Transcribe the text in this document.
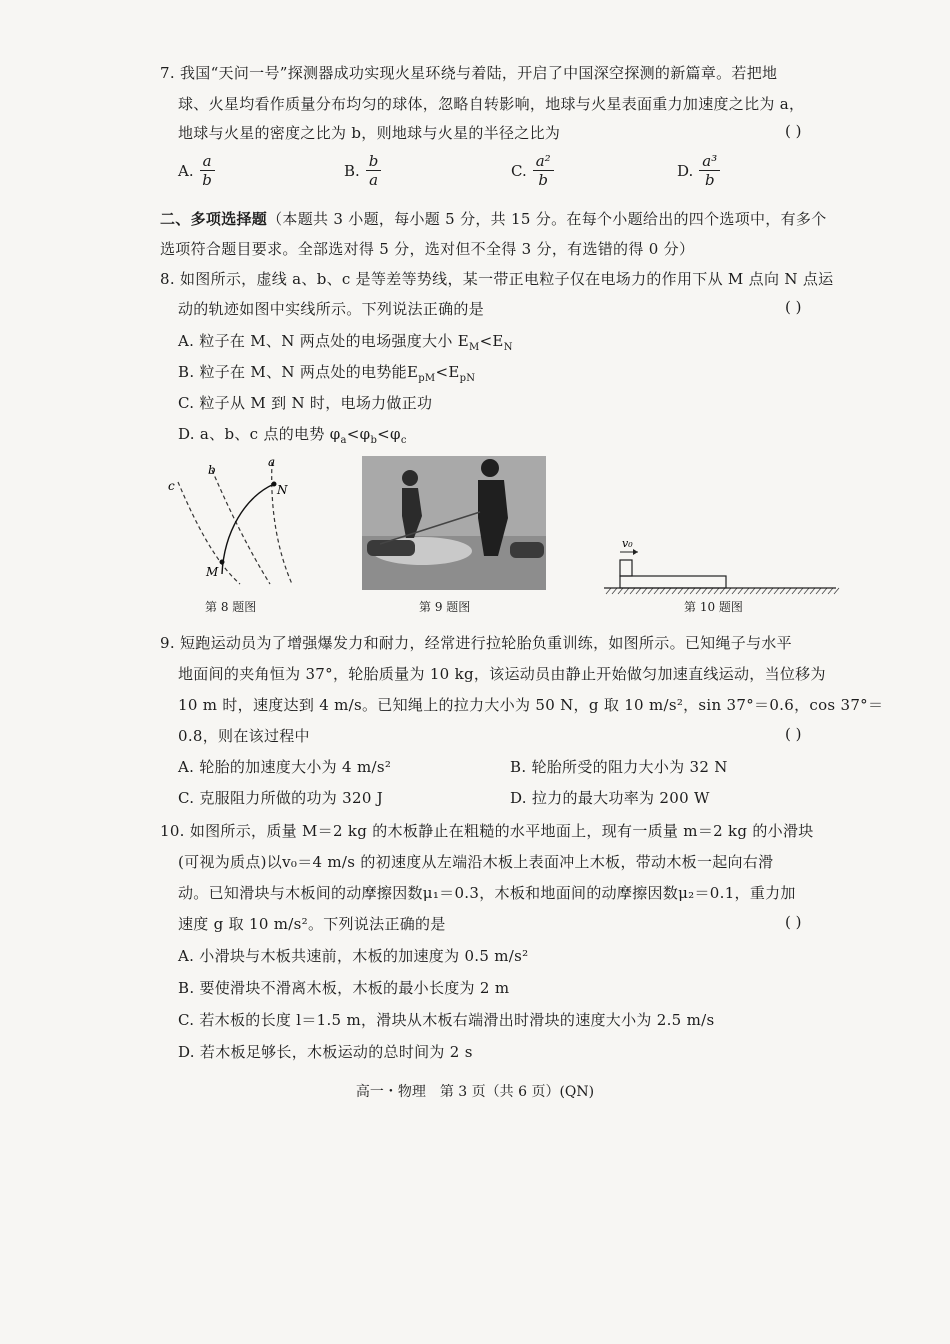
7. 我国“天问一号”探测器成功实现火星环绕与着陆，开启了中国深空探测的新篇章。若把地
球、火星均看作质量分布均匀的球体，忽略自转影响，地球与火星表面重力加速度之比为 a，
地球与火星的密度之比为 b，则地球与火星的半径之比为	( )
A. $\frac{a}{b}$	B. $\frac{b}{a}$	C. $\frac{\text{a²}}{b}$	D. $\frac{\text{a³}}{b}$
二、多项选择题（本题共 3 小题，每小题 5 分，共 15 分。在每个小题给出的四个选项中，有多个
选项符合题目要求。全部选对得 5 分，选对但不全得 3 分，有选错的得 0 分）
8. 如图所示，虚线 a、b、c 是等差等势线，某一带正电粒子仅在电场力的作用下从 M 点向 N 点运
动的轨迹如图中实线所示。下列说法正确的是	( )
A. 粒子在 M、N 两点处的电场强度大小 $E_M<E_N$
B. 粒子在 M、N 两点处的电势能$E_{pM}<E_{pN}$
C. 粒子从 M 到 N 时，电场力做正功
D. a、b、c 点的电势 $\varphi_a<\varphi_b<\varphi_c$
c
b
a
M
N
第 8 题图	第 9 题图
v₀
第 10 题图
9. 短跑运动员为了增强爆发力和耐力，经常进行拉轮胎负重训练，如图所示。已知绳子与水平
地面间的夹角恒为 37°，轮胎质量为 10 kg，该运动员由静止开始做匀加速直线运动，当位移为
10 m 时，速度达到 4 m/s。已知绳上的拉力大小为 50 N，g 取 10 m/s²，sin 37°＝0.6，cos 37°＝
0.8，则在该过程中	( )
A. 轮胎的加速度大小为 4 m/s²	B. 轮胎所受的阻力大小为 32 N
C. 克服阻力所做的功为 320 J	D. 拉力的最大功率为 200 W
10. 如图所示，质量 M＝2 kg 的木板静止在粗糙的水平地面上，现有一质量 m＝2 kg 的小滑块
(可视为质点)以v₀＝4 m/s 的初速度从左端沿木板上表面冲上木板，带动木板一起向右滑
动。已知滑块与木板间的动摩擦因数μ₁＝0.3，木板和地面间的动摩擦因数μ₂＝0.1，重力加
速度 g 取 10 m/s²。下列说法正确的是	( )
A. 小滑块与木板共速前，木板的加速度为 0.5 m/s²
B. 要使滑块不滑离木板，木板的最小长度为 2 m
C. 若木板的长度 l＝1.5 m，滑块从木板右端滑出时滑块的速度大小为 2.5 m/s
D. 若木板足够长，木板运动的总时间为 2 s
高一・物理　第 3 页（共 6 页）(QN)
